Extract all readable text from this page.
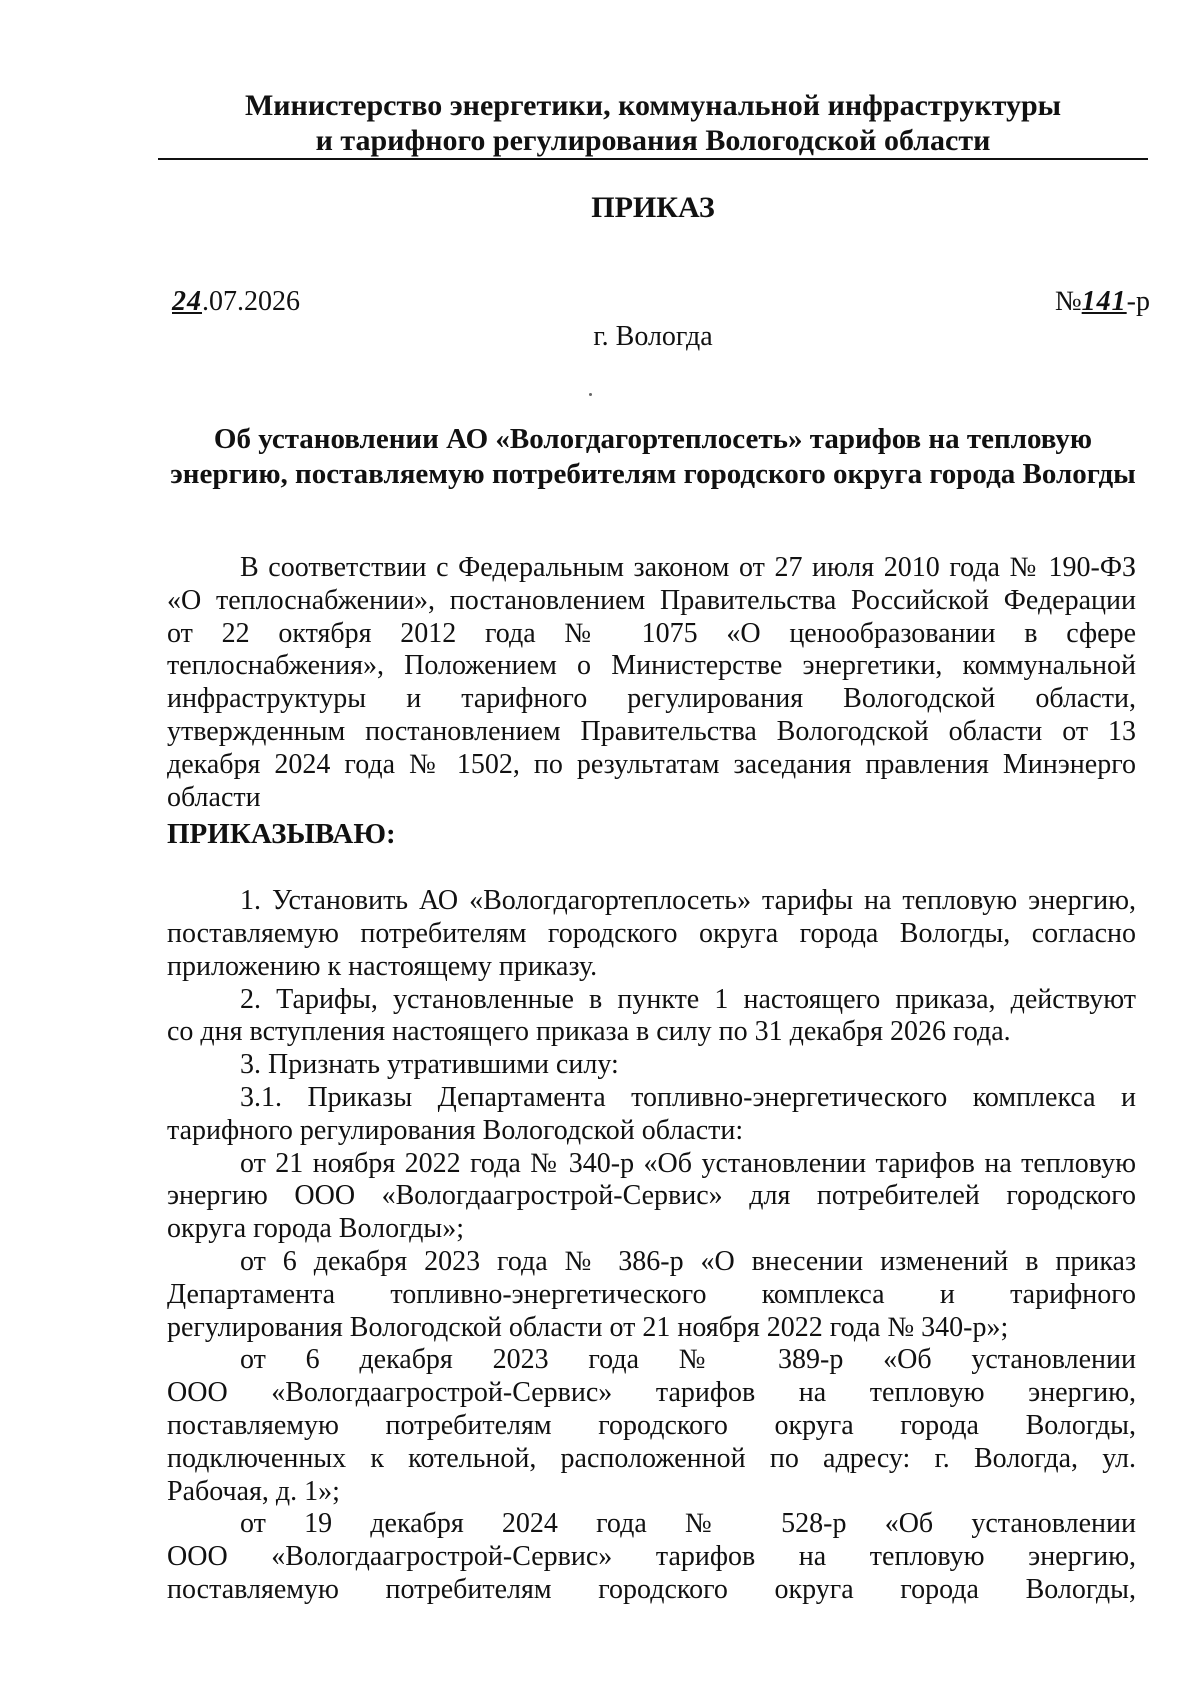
Министерство энергетики, коммунальной инфраструктуры
и тарифного регулирования Вологодской области
ПРИКАЗ
24.07.2026	№141-р
г. Вологда
Об установлении АО «Вологдагортеплосеть» тарифов на тепловую
энергию, поставляемую потребителям городского округа города Вологды

В соответствии с Федеральным законом от 27 июля 2010 года № 190-ФЗ

«О теплоснабжении», постановлением Правительства Российской Федерации

от 22 октября 2012 года № 1075 «О ценообразовании в сфере

теплоснабжения», Положением о Министерстве энергетики, коммунальной

инфраструктуры и тарифного регулирования Вологодской области,

утвержденным постановлением Правительства Вологодской области от 13

декабря 2024 года № 1502, по результатам заседания правления Минэнерго

области

ПРИКАЗЫВАЮ:

1. Установить АО «Вологдагортеплосеть» тарифы на тепловую энергию,

поставляемую потребителям городского округа города Вологды, согласно

приложению к настоящему приказу.

2. Тарифы, установленные в пункте 1 настоящего приказа, действуют

со дня вступления настоящего приказа в силу по 31 декабря 2026 года.

3. Признать утратившими силу:

3.1. Приказы Департамента топливно-энергетического комплекса и

тарифного регулирования Вологодской области:

от 21 ноября 2022 года № 340-р «Об установлении тарифов на тепловую

энергию ООО «Вологдаагрострой-Сервис» для потребителей городского

округа города Вологды»;

от 6 декабря 2023 года № 386-р «О внесении изменений в приказ

Департамента топливно-энергетического комплекса и тарифного

регулирования Вологодской области от 21 ноября 2022 года № 340-р»;

от 6 декабря 2023 года № 389-р «Об установлении

ООО «Вологдаагрострой-Сервис» тарифов на тепловую энергию,

поставляемую потребителям городского округа города Вологды,

подключенных к котельной, расположенной по адресу: г. Вологда, ул.

Рабочая, д. 1»;

от 19 декабря 2024 года № 528-р «Об установлении

ООО «Вологдаагрострой-Сервис» тарифов на тепловую энергию,

поставляемую потребителям городского округа города Вологды,
